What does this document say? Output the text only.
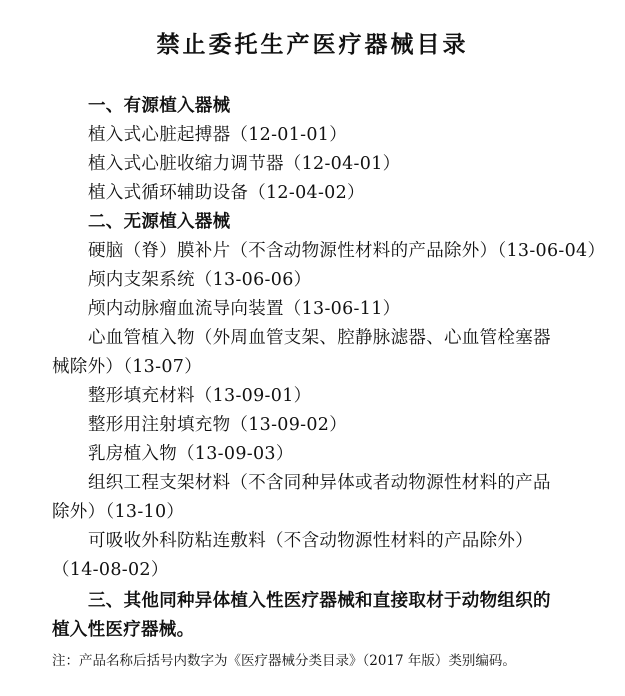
禁止委托生产医疗器械目录
一、有源植入器械
植入式心脏起搏器（12-01-01）
植入式心脏收缩力调节器（12-04-01）
植入式循环辅助设备（12-04-02）
二、无源植入器械
硬脑（脊）膜补片（不含动物源性材料的产品除外）（13-06-04）
颅内支架系统（13-06-06）
颅内动脉瘤血流导向装置（13-06-11）
心血管植入物（外周血管支架、腔静脉滤器、心血管栓塞器
械除外）（13-07）
整形填充材料（13-09-01）
整形用注射填充物（13-09-02）
乳房植入物（13-09-03）
组织工程支架材料（不含同种异体或者动物源性材料的产品
除外）（13-10）
可吸收外科防粘连敷料（不含动物源性材料的产品除外）
（14-08-02）
三、其他同种异体植入性医疗器械和直接取材于动物组织的
植入性医疗器械。
注：产品名称后括号内数字为《医疗器械分类目录》（2017 年版）类别编码。
